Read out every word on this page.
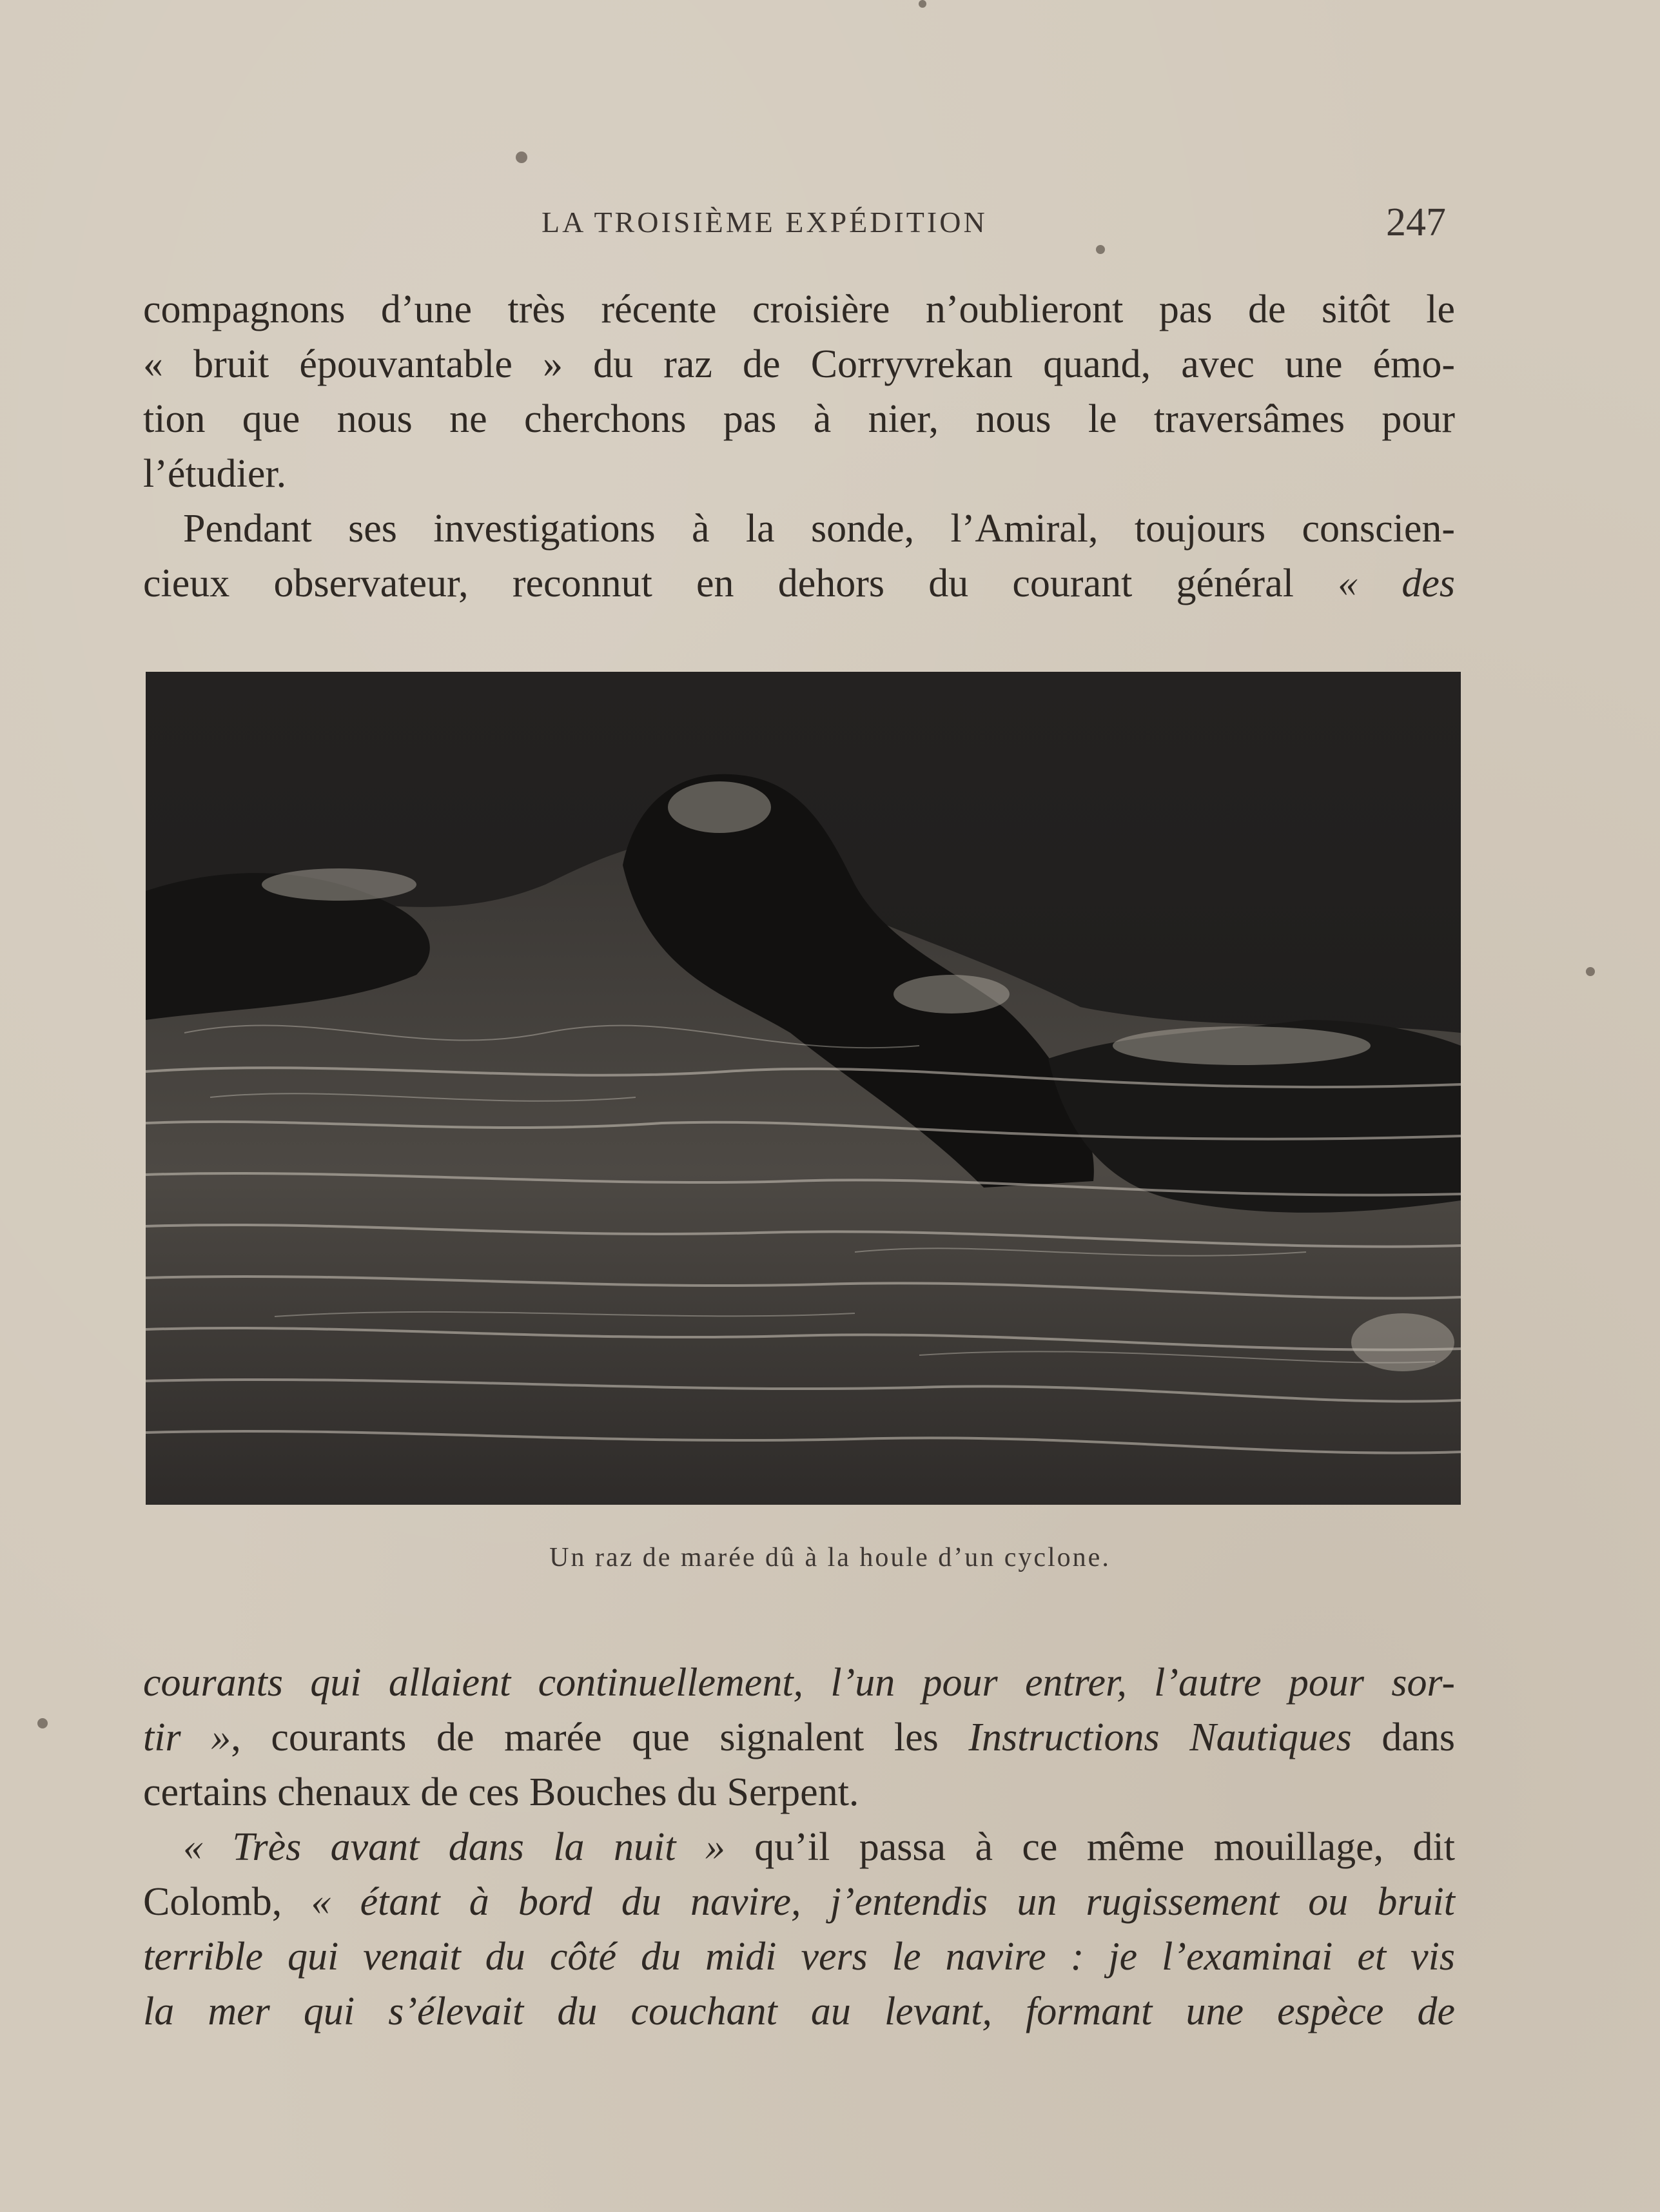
LA TROISIÈME EXPÉDITION	247
compagnons d’une très récente croisière n’oublieront pas de sitôt le
« bruit épouvantable » du raz de Corryvrekan quand, avec une émo-
tion que nous ne cherchons pas à nier, nous le traversâmes pour
l’étudier.
Pendant ses investigations à la sonde, l’Amiral, toujours conscien-
cieux observateur, reconnut en dehors du courant général « des
Un raz de marée dû à la houle d’un cyclone.
courants qui allaient continuellement, l’un pour entrer, l’autre pour sor-
tir », courants de marée que signalent les Instructions Nautiques dans
certains chenaux de ces Bouches du Serpent.
« Très avant dans la nuit » qu’il passa à ce même mouillage, dit
Colomb, « étant à bord du navire, j’entendis un rugissement ou bruit
terrible qui venait du côté du midi vers le navire : je l’examinai et vis
la mer qui s’élevait du couchant au levant, formant une espèce de
